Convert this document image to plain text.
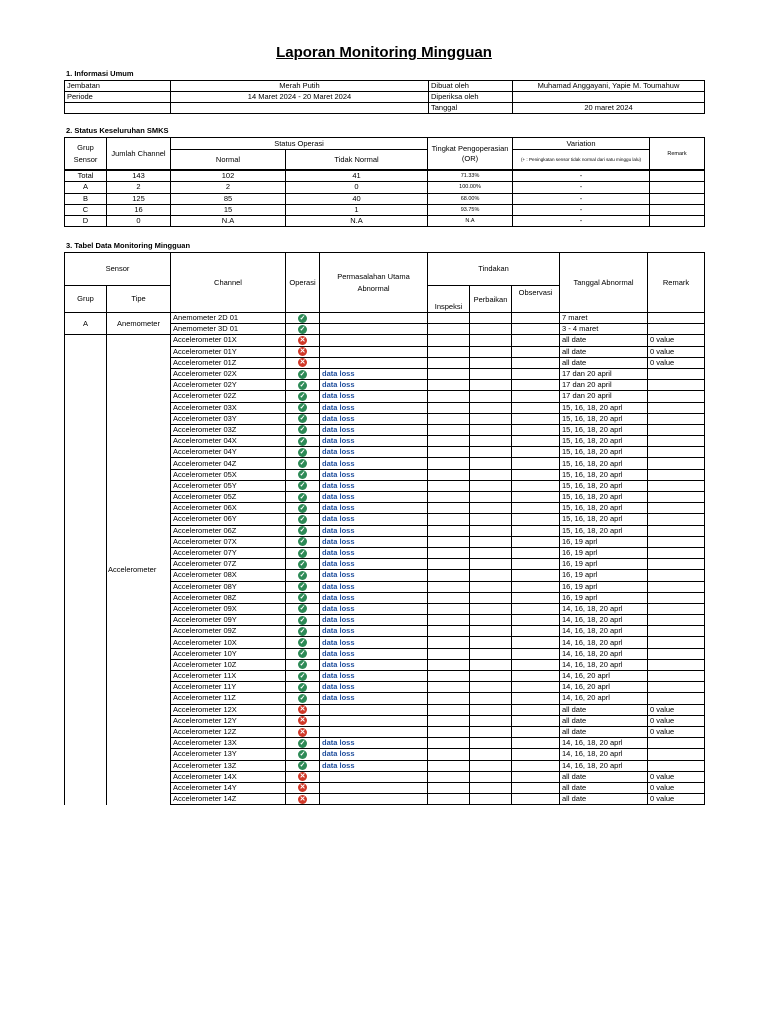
Laporan Monitoring Mingguan
1. Informasi Umum
Jembatan	Merah Putih	Dibuat oleh	Muhamad Anggayani, Yapie M. Toumahuw
Periode	14 Maret 2024 - 20 Maret 2024	Diperiksa oleh	
		Tanggal	20 maret 2024
2. Status Keseluruhan SMKS
Grup Sensor	Jumlah Channel	Status Operasi		Tingkat Pengoperasian (OR)	Variation	Remark
		Normal	Tidak Normal		(+ : Peningkatan sensor tidak normal dari satu minggu lalu)	
Total	143	102	41	71.33%	-	
A	2	2	0	100.00%	-	
B	125	85	40	68.00%	-	
C	16	15	1	93.75%	-	
D	0	N.A	N.A	N.A	-	
3. Tabel Data Monitoring Mingguan
Sensor		Channel	Operasi	Permasalahan Utama Abnormal	Tindakan			Tanggal Abnormal	Remark
Grup	Tipe				Inspeksi	Perbaikan	Observasi		
A	Anemometer	Anemometer 2D 01	✓					7 maret	
		Anemometer 3D 01	✓					3 - 4 maret	
	Accelerometer	Accelerometer 01X	✕					all date	0 value
		Accelerometer 01Y	✕					all date	0 value
		Accelerometer 01Z	✕					all date	0 value
		Accelerometer 02X	✓	data loss				17 dan 20 april	
		Accelerometer 02Y	✓	data loss				17 dan 20 april	
		Accelerometer 02Z	✓	data loss				17 dan 20 april	
		Accelerometer 03X	✓	data loss				15, 16, 18, 20 aprl	
		Accelerometer 03Y	✓	data loss				15, 16, 18, 20 aprl	
		Accelerometer 03Z	✓	data loss				15, 16, 18, 20 aprl	
		Accelerometer 04X	✓	data loss				15, 16, 18, 20 aprl	
		Accelerometer 04Y	✓	data loss				15, 16, 18, 20 aprl	
		Accelerometer 04Z	✓	data loss				15, 16, 18, 20 aprl	
		Accelerometer 05X	✓	data loss				15, 16, 18, 20 aprl	
		Accelerometer 05Y	✓	data loss				15, 16, 18, 20 aprl	
		Accelerometer 05Z	✓	data loss				15, 16, 18, 20 aprl	
		Accelerometer 06X	✓	data loss				15, 16, 18, 20 aprl	
		Accelerometer 06Y	✓	data loss				15, 16, 18, 20 aprl	
		Accelerometer 06Z	✓	data loss				15, 16, 18, 20 aprl	
		Accelerometer 07X	✓	data loss				16, 19 aprl	
		Accelerometer 07Y	✓	data loss				16, 19 aprl	
		Accelerometer 07Z	✓	data loss				16, 19 aprl	
		Accelerometer 08X	✓	data loss				16, 19 aprl	
		Accelerometer 08Y	✓	data loss				16, 19 aprl	
		Accelerometer 08Z	✓	data loss				16, 19 aprl	
		Accelerometer 09X	✓	data loss				14, 16, 18, 20 aprl	
		Accelerometer 09Y	✓	data loss				14, 16, 18, 20 aprl	
		Accelerometer 09Z	✓	data loss				14, 16, 18, 20 aprl	
		Accelerometer 10X	✓	data loss				14, 16, 18, 20 aprl	
		Accelerometer 10Y	✓	data loss				14, 16, 18, 20 aprl	
		Accelerometer 10Z	✓	data loss				14, 16, 18, 20 aprl	
		Accelerometer 11X	✓	data loss				14, 16, 20 aprl	
		Accelerometer 11Y	✓	data loss				14, 16, 20 aprl	
		Accelerometer 11Z	✓	data loss				14, 16, 20 aprl	
		Accelerometer 12X	✕					all date	0 value
		Accelerometer 12Y	✕					all date	0 value
		Accelerometer 12Z	✕					all date	0 value
		Accelerometer 13X	✓	data loss				14, 16, 18, 20 aprl	
		Accelerometer 13Y	✓	data loss				14, 16, 18, 20 aprl	
		Accelerometer 13Z	✓	data loss				14, 16, 18, 20 aprl	
		Accelerometer 14X	✕					all date	0 value
		Accelerometer 14Y	✕					all date	0 value
		Accelerometer 14Z	✕					all date	0 value
